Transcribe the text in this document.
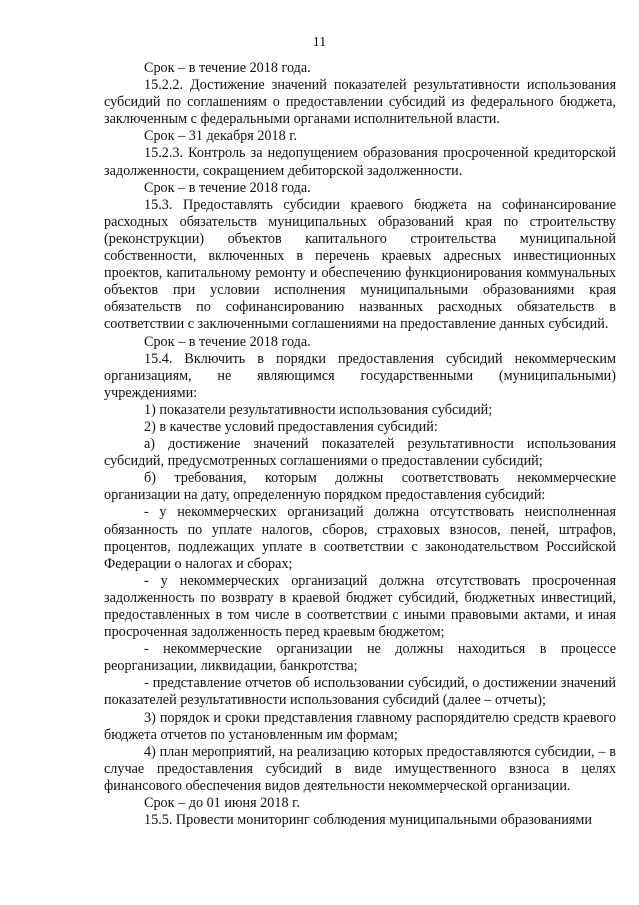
11

Срок – в течение 2018 года.

15.2.2. Достижение значений показателей результативности использования субсидий по соглашениям о предоставлении субсидий из федерального бюджета, заключенным с федеральными органами исполнительной власти.

Срок – 31 декабря 2018 г.

15.2.3. Контроль за недопущением образования просроченной кредиторской задолженности, сокращением дебиторской задолженности.

Срок – в течение 2018 года.

15.3. Предоставлять субсидии краевого бюджета на софинансирование расходных обязательств муниципальных образований края по строительству (реконструкции) объектов капитального строительства муниципальной собственности, включенных в перечень краевых адресных инвестиционных проектов, капитальному ремонту и обеспечению функционирования коммунальных объектов при условии исполнения муниципальными образованиями края обязательств по софинансированию названных расходных обязательств в соответствии с заключенными соглашениями на предоставление данных субсидий.

Срок – в течение 2018 года.

15.4. Включить в порядки предоставления субсидий некоммерческим организациям, не являющимся государственными (муниципальными) учреждениями:

1) показатели результативности использования субсидий;

2) в качестве условий предоставления субсидий:

а) достижение значений показателей результативности использования субсидий, предусмотренных соглашениями о предоставлении субсидий;

б) требования, которым должны соответствовать некоммерческие организации на дату, определенную порядком предоставления субсидий:

- у некоммерческих организаций должна отсутствовать неисполненная обязанность по уплате налогов, сборов, страховых взносов, пеней, штрафов, процентов, подлежащих уплате в соответствии с законодательством Российской Федерации о налогах и сборах;

- у некоммерческих организаций должна отсутствовать просроченная задолженность по возврату в краевой бюджет субсидий, бюджетных инвестиций, предоставленных в том числе в соответствии с иными правовыми актами, и иная просроченная задолженность перед краевым бюджетом;

- некоммерческие организации не должны находиться в процессе реорганизации, ликвидации, банкротства;

- представление отчетов об использовании субсидий, о достижении значений показателей результативности использования субсидий (далее – отчеты);

3) порядок и сроки представления главному распорядителю средств краевого бюджета отчетов по установленным им формам;

4) план мероприятий, на реализацию которых предоставляются субсидии, – в случае предоставления субсидий в виде имущественного взноса в целях финансового обеспечения видов деятельности некоммерческой организации.

Срок – до 01 июня 2018 г.

15.5. Провести мониторинг соблюдения муниципальными образованиями
